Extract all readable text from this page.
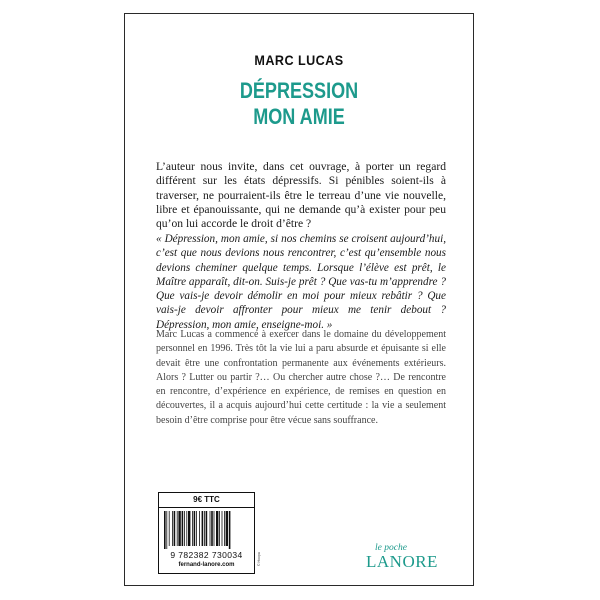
MARC LUCAS
DÉPRESSION
MON AMIE
L’auteur nous invite, dans cet ouvrage, à porter un regard différent sur les états dépressifs. Si pénibles soient-ils à traverser, ne pourraient-ils être le terreau d’une vie nouvelle, libre et épanouissante, qui ne demande qu’à exister pour peu qu’on lui accorde le droit d’être ?
« Dépression, mon amie, si nos chemins se croisent aujourd’hui, c’est que nous devions nous rencontrer, c’est qu’ensemble nous devions cheminer quelque temps. Lorsque l’élève est prêt, le Maître apparaît, dit-on. Suis-je prêt ? Que vas-tu m’apprendre ? Que vais-je devoir démolir en moi pour mieux rebâtir ? Que vais-je devoir affronter pour mieux me tenir debout ? Dépression, mon amie, enseigne-moi. »
Marc Lucas a commencé à exercer dans le domaine du développement personnel en 1996. Très tôt la vie lui a paru absurde et épuisante si elle devait être une confrontation permanente aux événements extérieurs. Alors ? Lutter ou partir ?… Ou chercher autre chose ?… De rencontre en rencontre, d’expérience en expérience, de remises en question en découvertes, il a acquis aujourd’hui cette certitude : la vie a seulement besoin d’être comprise pour être vécue sans souffrance.
9€ TTC
9 782382 730034
fernand-lanore.com	© Hoopa
le poche
LANORE
